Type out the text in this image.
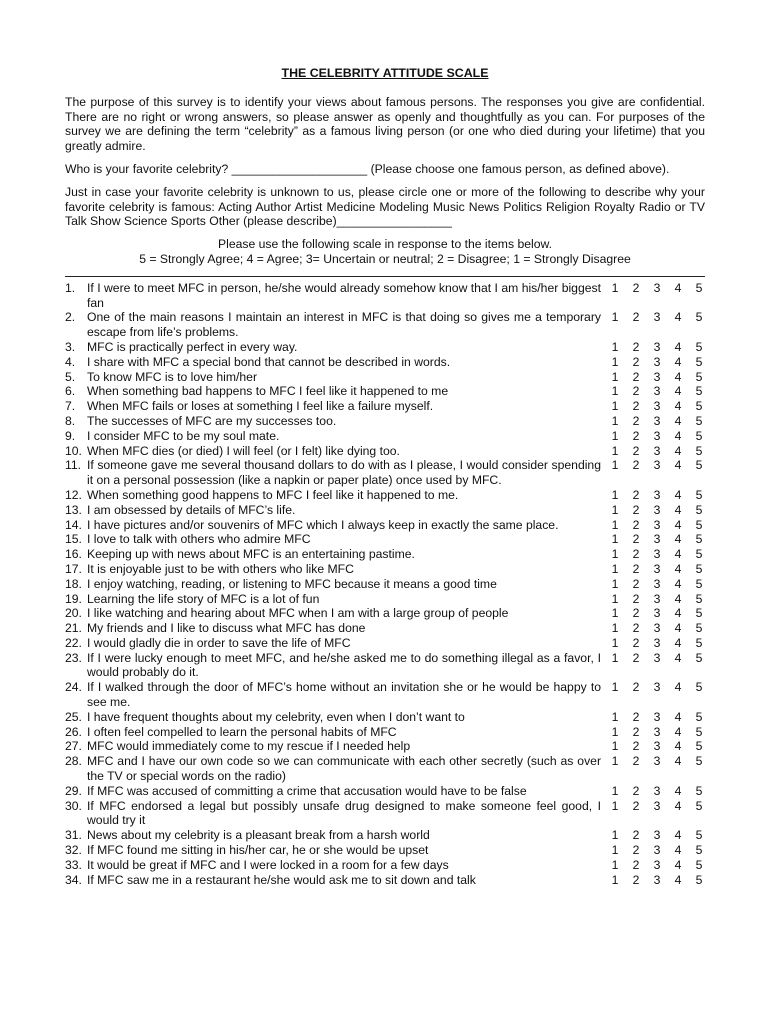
THE CELEBRITY ATTITUDE SCALE

The purpose of this survey is to identify your views about famous persons. The responses you give are confidential. There are no right or wrong answers, so please answer as openly and thoughtfully as you can. For purposes of the survey we are defining the term “celebrity” as a famous living person (or one who died during your lifetime) that you greatly admire.

Who is your favorite celebrity? ____________________ (Please choose one famous person, as defined above).

Just in case your favorite celebrity is unknown to us, please circle one or more of the following to describe why your favorite celebrity is famous: Acting Author Artist Medicine Modeling Music News Politics Religion Royalty Radio or TV Talk Show Science Sports Other (please describe)_________________

Please use the following scale in response to the items below.
5 = Strongly Agree; 4 = Agree; 3= Uncertain or neutral; 2 = Disagree; 1 = Strongly Disagree
1. If I were to meet MFC in person, he/she would already somehow know that I am his/her biggest fan
1 2 3 4 5
2. One of the main reasons I maintain an interest in MFC is that doing so gives me a temporary escape from life’s problems.
1 2 3 4 5
3. MFC is practically perfect in every way.	1 2 3 4 5
4. I share with MFC a special bond that cannot be described in words.	1 2 3 4 5
5. To know MFC is to love him/her	1 2 3 4 5
6. When something bad happens to MFC I feel like it happened to me	1 2 3 4 5
7. When MFC fails or loses at something I feel like a failure myself.	1 2 3 4 5
8. The successes of MFC are my successes too.	1 2 3 4 5
9. I consider MFC to be my soul mate.	1 2 3 4 5
10. When MFC dies (or died) I will feel (or I felt) like dying too.	1 2 3 4 5
11. If someone gave me several thousand dollars to do with as I please, I would consider spending it on a personal possession (like a napkin or paper plate) once used by MFC.
1 2 3 4 5
12. When something good happens to MFC I feel like it happened to me.	1 2 3 4 5
13. I am obsessed by details of MFC’s life.	1 2 3 4 5
14. I have pictures and/or souvenirs of MFC which I always keep in exactly the same place.	1 2 3 4 5
15. I love to talk with others who admire MFC	1 2 3 4 5
16. Keeping up with news about MFC is an entertaining pastime.	1 2 3 4 5
17. It is enjoyable just to be with others who like MFC	1 2 3 4 5
18. I enjoy watching, reading, or listening to MFC because it means a good time	1 2 3 4 5
19. Learning the life story of MFC is a lot of fun	1 2 3 4 5
20. I like watching and hearing about MFC when I am with a large group of people	1 2 3 4 5
21. My friends and I like to discuss what MFC has done	1 2 3 4 5
22. I would gladly die in order to save the life of MFC	1 2 3 4 5
23. If I were lucky enough to meet MFC, and he/she asked me to do something illegal as a favor, I would probably do it.
1 2 3 4 5
24. If I walked through the door of MFC’s home without an invitation she or he would be happy to see me.
1 2 3 4 5
25. I have frequent thoughts about my celebrity, even when I don’t want to	1 2 3 4 5
26. I often feel compelled to learn the personal habits of MFC	1 2 3 4 5
27. MFC would immediately come to my rescue if I needed help	1 2 3 4 5
28. MFC and I have our own code so we can communicate with each other secretly (such as over the TV or special words on the radio)
1 2 3 4 5
29. If MFC was accused of committing a crime that accusation would have to be false	1 2 3 4 5
30. If MFC endorsed a legal but possibly unsafe drug designed to make someone feel good, I would try it
1 2 3 4 5
31. News about my celebrity is a pleasant break from a harsh world	1 2 3 4 5
32. If MFC found me sitting in his/her car, he or she would be upset	1 2 3 4 5
33. It would be great if MFC and I were locked in a room for a few days	1 2 3 4 5
34. If MFC saw me in a restaurant he/she would ask me to sit down and talk	1 2 3 4 5
